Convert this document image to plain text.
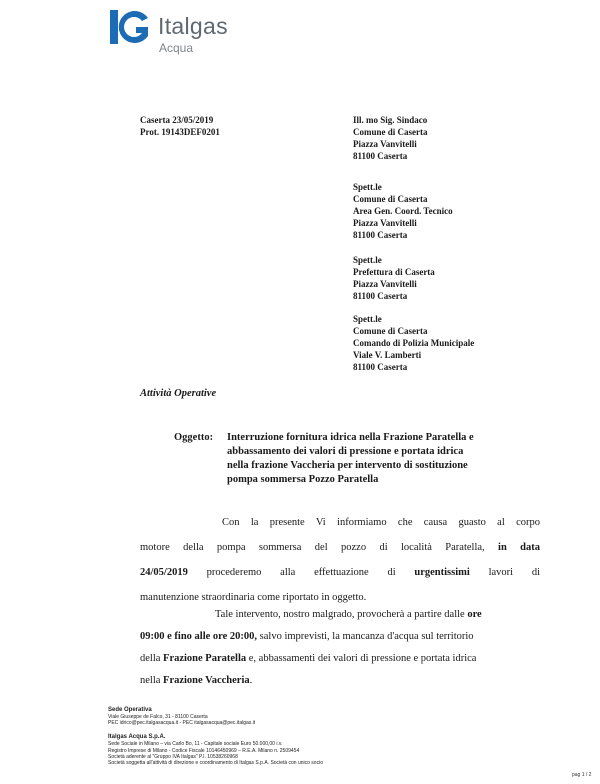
Italgas
Acqua
Caserta 23/05/2019
Prot. 19143DEF0201
Ill. mo Sig. Sindaco
Comune di Caserta
Piazza Vanvitelli
81100 Caserta
Spett.le
Comune di Caserta
Area Gen. Coord. Tecnico
Piazza Vanvitelli
81100 Caserta
Spett.le
Prefettura di Caserta
Piazza Vanvitelli
81100 Caserta
Spett.le
Comune di Caserta
Comando di Polizia Municipale
Viale V. Lamberti
81100 Caserta
Attività Operative
Oggetto: Interruzione fornitura idrica nella Frazione Paratella e
abbassamento dei valori di pressione e portata idrica
nella frazione Vaccheria per intervento di sostituzione
pompa sommersa Pozzo Paratella
Con la presente Vi informiamo che causa guasto al corpo
motore della pompa sommersa del pozzo di località Paratella, in data
24/05/2019 procederemo alla effettuazione di urgentissimi lavori di
manutenzione straordinaria come riportato in oggetto.
Tale intervento, nostro malgrado, provocherà a partire dalle ore
09:00 e fino alle ore 20:00, salvo imprevisti, la mancanza d'acqua sul territorio
della Frazione Paratella e, abbassamenti dei valori di pressione e portata idrica
nella Frazione Vaccheria.
Sede Operativa
Viale Giuseppe de Falco, 31 - 81100 Caserta
PEC idrico@pec.italgasacqua.it - PEC italgasacqua@pec.italgas.it
Italgas Acqua S.p.A.
Sede Sociale in Milano – via Carlo Bo, 11 - Capitale sociale Euro 50.000,00 i.v.
Registro Imprese di Milano - Codice Fiscale 10146450969 – R.E.A. Milano n. 2509454
Società aderente al "Gruppo IVA Italgas" P.I. 10538260968
Società soggetta all'attività di direzione e coordinamento di Italgas S.p.A. Società con unico socio
pag 1 / 2
